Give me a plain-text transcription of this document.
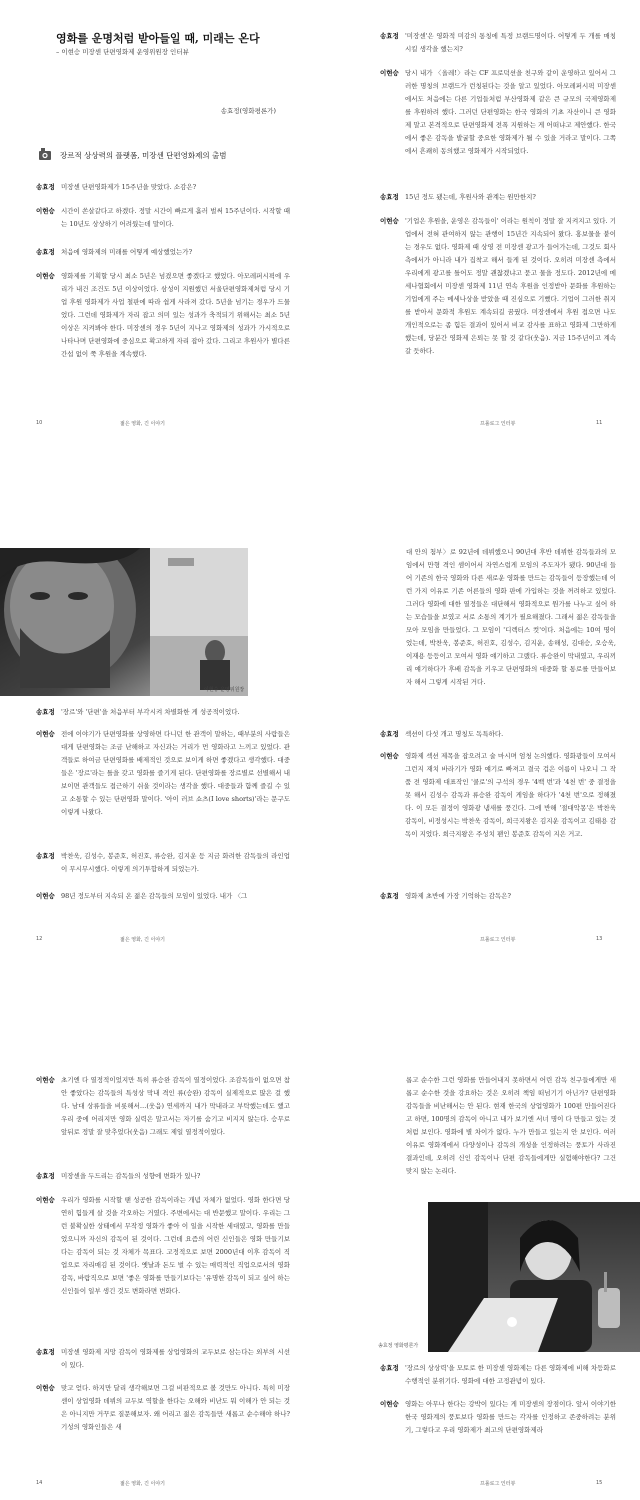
영화를 운명처럼 받아들일 때, 미래는 온다
– 이현승 미장센 단편영화제 운영위원장 인터뷰
송효정(영화평론가)
장르적 상상력의 플랫폼, 미장센 단편영화제의 출범
송효정 미장센 단편영화제가 15주년을 맞았다. 소감은?
이현승 시간이 쏜살같다고 하겠다. 정말 시간이 빠르게 흘러 벌써 15주년이다. 시작할 때는 10년도 상상하기 어려웠는데 말이다.
송효정 처음에 영화제의 미래를 어떻게 예상했었는가?
이현승 영화제를 기획할 당시 최소 5년은 넘겼으면 좋겠다고 했었다. 아모레퍼시픽에 우리가 내건 조건도 5년 이상이었다. 삼성이 지원했던 서울단편영화제처럼 당시 기업 후원 영화제가 사업 철판에 따라 쉽게 사라져 갔다. 5년을 넘기는 경우가 드물었다. 그런데 영화제가 자리 잡고 의미 있는 성과가 축적되기 위해서는 최소 5년 이상은 지켜봐야 한다. 미장센의 경우 5년이 지나고 영화제의 성과가 가시적으로 나타나며 단편영화에 중심으로 확고하게 자리 잡아 갔다. 그리고 후원사가 별다른 간섭 없이 쭉 후원을 계속했다.
10	젊은 영화, 긴 이야기
송효정 '미장센'은 영화적 미감의 통칭에 특정 브랜드명이다. 어떻게 두 개를 매칭시킬 생각을 했는지?
이현승 당시 내가 〈올레!〉라는 CF 프로덕션을 친구와 같이 운영하고 있어서 그러한 명칭의 브랜드가 런칭된다는 것을 알고 있었다. 아모레퍼시픽 미장센에서도 처음에는 다른 기업들처럼 부산영화제 같은 큰 규모의 국제영화제를 후원하려 했다. 그러던 단편영화는 한국 영화의 기초 자산이니 큰 영화제 말고 본격적으로 단편영화제 전폭 지원하는 게 어떠냐고 제안했다. 한국에서 좋은 감독을 발굴할 중요한 영화제가 될 수 있을 거라고 말이다. 그쪽에서 흔쾌히 동의했고 영화제가 시작되었다.
송효정 15년 정도 됐는데, 후원사와 관계는 원만한지?
이현승 '기업은 후원을, 운영은 감독들이' 이라는 원칙이 정말 잘 지켜지고 있다. 기업에서 전혀 관여하지 않는 관행이 15년간 지속되어 왔다. 홍보물을 붙이는 경우도 없다. 영화제 때 상영 전 미장센 광고가 들어가는데, 그것도 회사 측에서가 아니라 내가 집착고 해서 들게 된 것이다. 오히려 미장센 측에서 우리에게 광고를 틀어도 정말 괜찮겠냐고 묻고 물을 정도다. 2012년에 메세나협회에서 미장센 영화제 11년 연속 후원을 인정받아 문화를 후원하는 기업에게 주는 메세나상을 받았을 때 진심으로 기뻤다. 기업이 그러한 취지를 받아서 문화적 후원도 계속되길 꿈꿨다. 미장센에서 후원 접으면 나도 개인적으로는 좀 힘든 결과이 있어서 비교 감사를 표하고 영화제 그만하게 했는데, 당분간 영화제 은퇴는 못 할 것 같다(웃음). 지금 15주년이고 계속 갈 듯하다.
프롤로그 인터뷰	11
이현승 운영위원장
송효정 '장르'와 '단편'을 처음부터 부각시켜 차별화한 게 성공적이었다.
이현승 전에 이야기가 단편영화를 상영하면 다니던 한 관객이 말하는, 때부분의 사람들은 대게 단편영화는 조금 난해하고 자신과는 거리가 먼 영화라고 느끼고 있었다. 관객들로 하여금 단편영화를 배제적인 것으로 보이게 하면 좋겠다고 생각했다. 대중들은 '장르'라는 틀을 갖고 영화를 즐기게 된다. 단편영화를 장르별로 선별해서 내보이면 관객들도 접근하기 쉬울 것이라는 생각을 했다. 대중들과 함께 즐길 수 있고 소통할 수 있는 단편영화 말이다. '아이 러브 쇼츠(I love shorts)'라는 문구도 이렇게 나왔다.
송효정 박찬욱, 김성수, 봉준호, 허진호, 류승완, 김지운 등 지금 화려한 감독들의 라인업이 무시무시했다. 이렇게 의기투합하게 되었는가.
이현승 98년 정도부터 지속되 온 젊은 감독들의 모임이 있었다. 내가 〈그
12	젊은 영화, 긴 이야기
대 안의 첨부〉로 92년에 데뷔했으니 90년대 후반 데뷔한 감독들과의 모임에서 만형 격인 셈이어서 자연스럽게 모임의 주도자가 됐다. 90년대 들어 기존의 한국 영화와 다른 새로운 영화를 만드는 감독들이 등장했는데 이런 가지 이유로 기존 어른들의 영화 판에 가입하는 것을 꺼려하고 있었다. 그러다 영화에 대한 열정들은 대단해서 영화적으로 뭔가를 나누고 싶어 하는 모습들을 보였고 서로 소통의 계기가 필요해졌다. 그래서 젊은 감독들을 모아 모임을 만들었다. 그 모임이 '디렉터스 컷'이다. 처음에는 10여 명이었는데, 박찬욱, 봉준호, 허진호, 김성수, 김지운, 송해성, 김대승, 오승욱, 이재용 등등이고 모여서 영화 얘기하고 그랬다. 류승완이 막내였고, 우리끼리 얘기하다가 후배 감독을 키우고 단편영화의 대중화 할 통로를 만들어보자 해서 그렇게 시작된 거다.
송효정 섹션이 다섯 개고 명칭도 독특하다.
이현승 영화제 섹션 제목을 잡으려고 술 마시며 엄청 논의했다. 영화광들이 모여서 그런지 재치 바라기가 영화 얘기로 빠져고 결국 겁은 이름이 나오니 그 작품 전 영화제 대표작인 '쿨로'의 구석의 경우 '4백 번'과 '4천 번' 중 결정을 못 해서 김성수 감독과 류승완 감독이 게임을 하다가 '4천 번'으로 정해졌다. 이 모든 결정이 영화광 냄새를 풍긴다. 그에 반해 '절대악몽'은 박찬욱 감독이, 비정성시는 박찬욱 감독이, 희극지왕은 김지운 감독이고 김태용 감독이 지었다. 희극지왕은 주성치 팬인 봉준호 감독이 지은 거고.
송효정 영화제 초반에 가장 기억하는 감독은?
프롤로그 인터뷰	13
이현승 초기엔 다 열정적이었지만 특히 류승완 감독이 열정이었다. 조감독들이 없으면 참 안 좋았다는 감독들의 특성상 막내 격인 류(승완) 감독이 실제적으로 많은 걸 했다. 남대 상류들을 비롯해서…(웃음) 연세까지 내가 막내라고 부탁했는데도 했고 우리 중에 어리지만 영화 실력은 말고서는 자기를 숨기고 비지지 않는다. 승무로 앞뒤로 정말 잘 맞추었다(웃음) 그래도 제일 열정적이었다.
송효정 미장센을 두드리는 감독들의 성향에 변화가 있나?
이현승 우리가 영화를 시작할 땐 성공한 감독이라는 개념 자체가 없었다. 영화 한다면 당연히 힘들게 살 것을 각오하는 거였다. 주변에서는 대 반문했고 말이다. 우리는 그런 불확실한 상태에서 무작정 영화가 좋아 이 일을 시작한 세대였고, 영화를 만들었으니까 자신의 감독이 된 것이다. 그런데 요즘의 어린 신인들은 영화 만들기보다는 감독이 되는 것 자체가 목표다. 고정적으로 보면 2000년대 이후 감독이 직업으로 자리매김 된 것이다. 옛날과 돈도 벌 수 있는 매력적인 직업으로서의 영화감독, 바람직으로 보면 '좋은 영화를 만들기보다는 '유명한 감독이 되고 싶어 하는 신인들이 일부 생긴 것도 변화라면 변화다.
송효정 미장센 영화제 지망 감독이 영화제를 상업영화의 교두보로 삼는다는 외부의 시선이 있다.
이현승 맞고 얻다. 하지만 달리 생각해보면 그걸 비판적으로 볼 것만도 아니다. 특히 미장센이 상업영화 데뷔의 교두보 역할을 한다는 오해와 비난도 뭐 이해가 안 되는 것은 아니지만 거꾸로 질문해보자. 왜 어리고 젊은 감독들만 새롭고 순수해야 하나? 기성의 영화인들은 새
14	젊은 영화, 긴 이야기
롭고 순수한 그런 영화를 만들어내지 못하면서 어린 감독 친구들에게만 새롭고 순수한 것을 강요하는 것은 오히려 책임 떠넘기기 아닌가? 단편영화 감독들을 비난해서는 안 된다. 현재 한국의 상업영화가 100편 만들어진다고 하면, 100명의 감독이 아니고 내가 보기엔 서너 명이 다 만들고 있는 것처럼 보인다. 영화에 별 차이가 없다. 누가 만들고 있는지 안 보인다. 여러 이유로 영화계에서 다양성이나 감독의 개성을 인정하려는 풍토가 사라진 결과인데, 오히려 신인 감독이나 단편 감독들에게만 실험해야한다? 그건 맞지 않는 논리다.
송효정 영화평론가
송효정 '장르의 상상력'을 모토로 한 미장센 영화제는 다른 영화제에 비해 차등화로 수행적인 분위기다. 영화에 대한 고정관념이 있다.
이현승 영화는 아무나 한다는 강박이 있다는 게 미장센의 장점이다. 앞서 이야기한 한국 영화계의 풍토보다 영화를 만드는 각자를 인정하고 존중하려는 분위기, 그렇다고 우리 영화제가 최고의 단편영화제라
프롤로그 인터뷰	15
